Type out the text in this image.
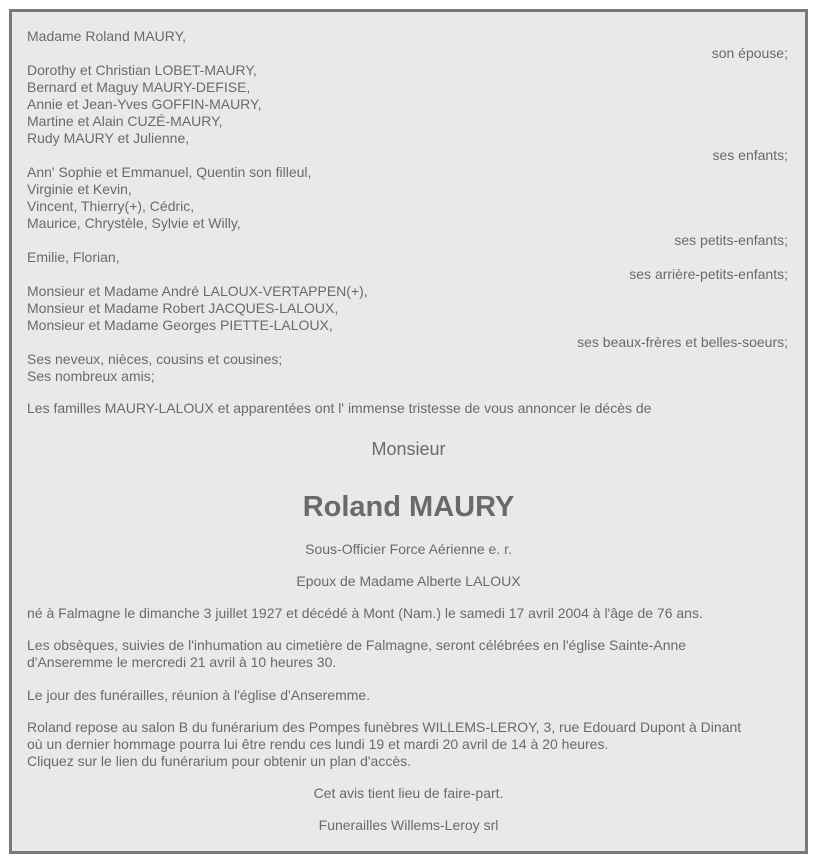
Madame Roland MAURY,
son épouse;
Dorothy et Christian LOBET-MAURY,
Bernard et Maguy MAURY-DEFISE,
Annie et Jean-Yves GOFFIN-MAURY,
Martine et Alain CUZÉ-MAURY,
Rudy MAURY et Julienne,
ses enfants;
Ann' Sophie et Emmanuel, Quentin son filleul,
Virginie et Kevin,
Vincent, Thierry(+), Cédric,
Maurice, Chrystèle, Sylvie et Willy,
ses petits-enfants;
Emilie, Florian,
ses arrière-petits-enfants;
Monsieur et Madame André LALOUX-VERTAPPEN(+),
Monsieur et Madame Robert JACQUES-LALOUX,
Monsieur et Madame Georges PIETTE-LALOUX,
ses beaux-frères et belles-soeurs;
Ses neveux, nièces, cousins et cousines;
Ses nombreux amis;
Les familles MAURY-LALOUX et apparentées ont l' immense tristesse de vous annoncer le décès de
Monsieur
Roland MAURY
Sous-Officier Force Aérienne e. r.
Epoux de Madame Alberte LALOUX
né à Falmagne le dimanche 3 juillet 1927 et décédé à Mont (Nam.) le samedi 17 avril 2004 à l'âge de 76 ans.
Les obsèques, suivies de l'inhumation au cimetière de Falmagne, seront célébrées en l'église Sainte-Anne
d'Anseremme le mercredi 21 avril à 10 heures 30.
Le jour des funérailles, réunion à l'église d'Anseremme.
Roland repose au salon B du funérarium des Pompes funèbres WILLEMS-LEROY, 3, rue Edouard Dupont à Dinant
où un dernier hommage pourra lui être rendu ces lundi 19 et mardi 20 avril de 14 à 20 heures.
Cliquez sur le lien du funérarium pour obtenir un plan d'accès.
Cet avis tient lieu de faire-part.
Funerailles Willems-Leroy srl
